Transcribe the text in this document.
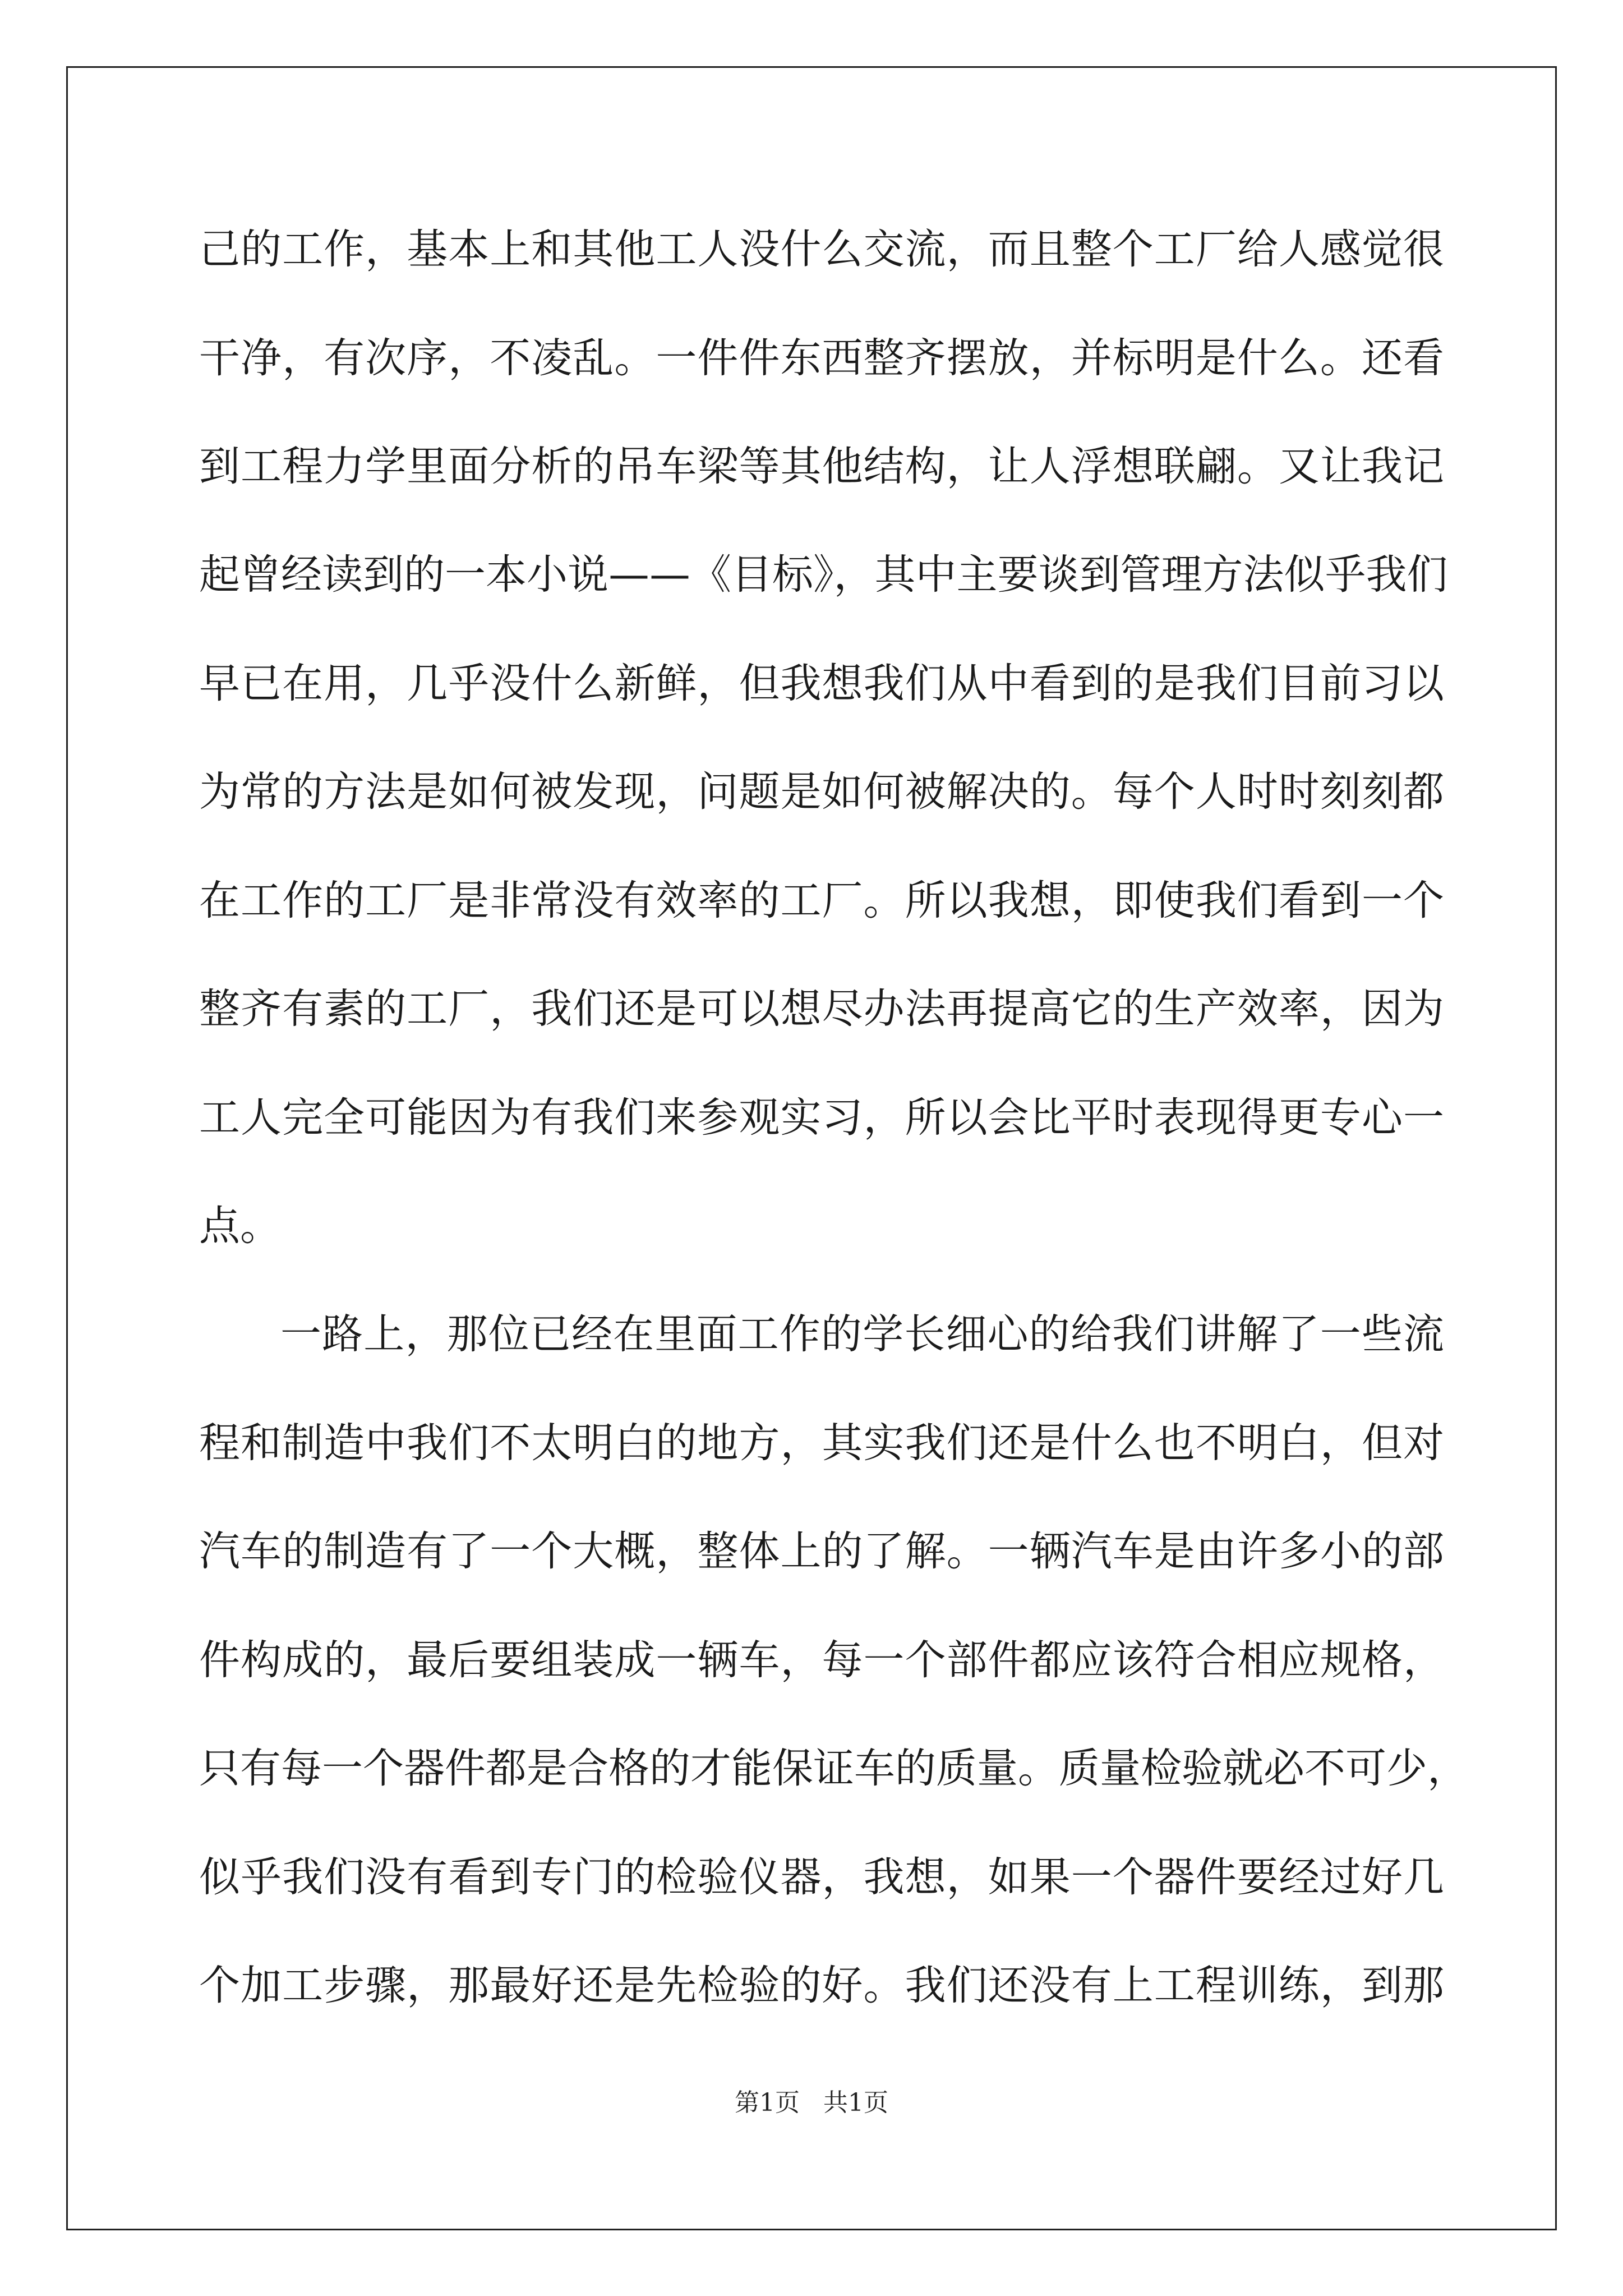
己的工作，基本上和其他工人没什么交流，而且整个工厂给人感觉很

干净，有次序，不凌乱。一件件东西整齐摆放，并标明是什么。还看

到工程力学里面分析的吊车梁等其他结构，让人浮想联翩。又让我记

起曾经读到的一本小说——《目标》，其中主要谈到管理方法似乎我们

早已在用，几乎没什么新鲜，但我想我们从中看到的是我们目前习以

为常的方法是如何被发现，问题是如何被解决的。每个人时时刻刻都

在工作的工厂是非常没有效率的工厂。所以我想，即使我们看到一个

整齐有素的工厂，我们还是可以想尽办法再提高它的生产效率，因为

工人完全可能因为有我们来参观实习，所以会比平时表现得更专心一

点。

一路上，那位已经在里面工作的学长细心的给我们讲解了一些流

程和制造中我们不太明白的地方，其实我们还是什么也不明白，但对

汽车的制造有了一个大概，整体上的了解。一辆汽车是由许多小的部

件构成的，最后要组装成一辆车，每一个部件都应该符合相应规格，

只有每一个器件都是合格的才能保证车的质量。质量检验就必不可少，

似乎我们没有看到专门的检验仪器，我想，如果一个器件要经过好几

个加工步骤，那最好还是先检验的好。我们还没有上工程训练，到那

第1页   共1页
